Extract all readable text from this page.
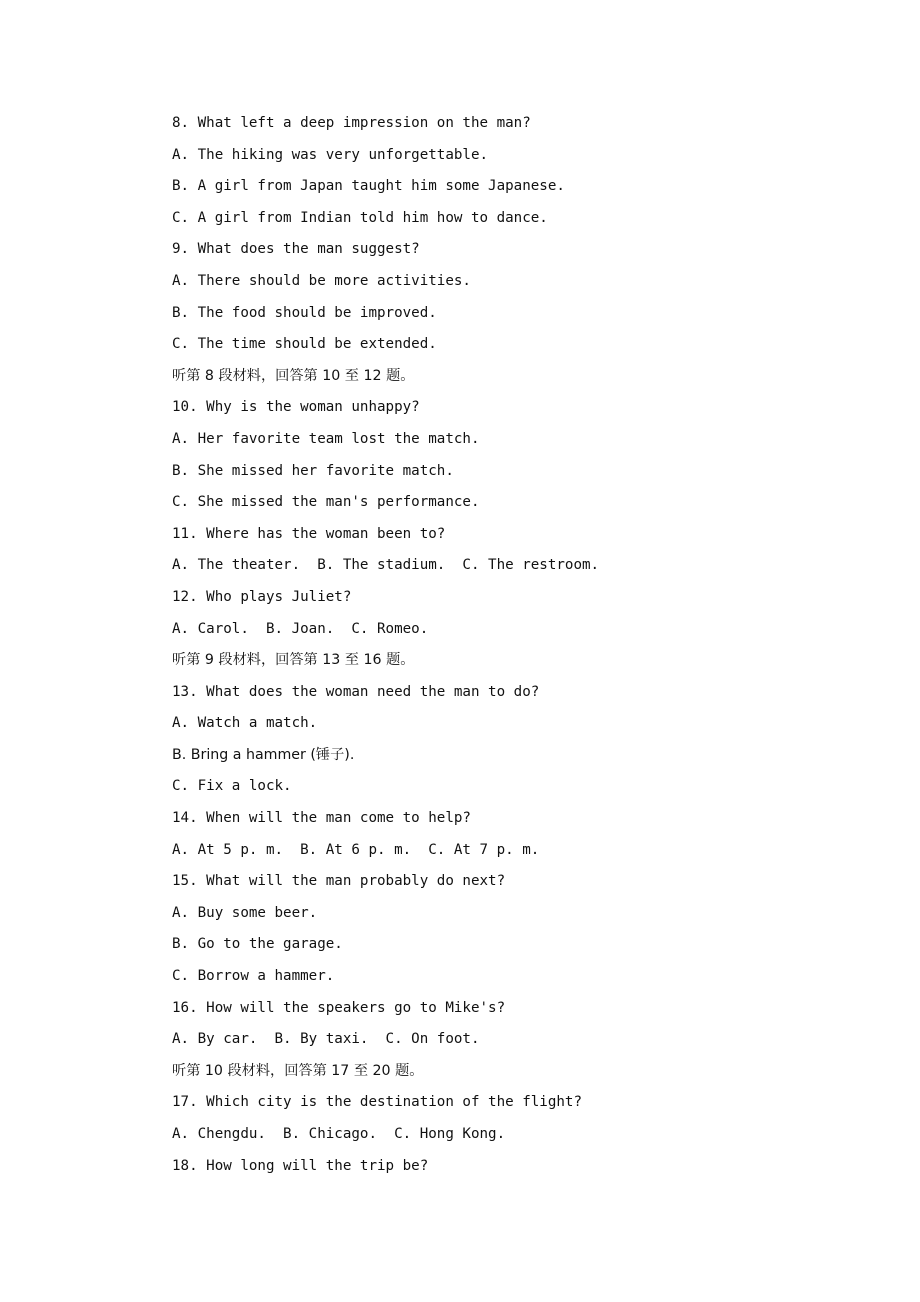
8. What left a deep impression on the man?
A. The hiking was very unforgettable.
B. A girl from Japan taught him some Japanese.
C. A girl from Indian told him how to dance.
9. What does the man suggest?
A. There should be more activities.
B. The food should be improved.
C. The time should be extended.
听第 8 段材料，回答第 10 至 12 题。
10. Why is the woman unhappy?
A. Her favorite team lost the match.
B. She missed her favorite match.
C. She missed the man's performance.
11. Where has the woman been to?
A. The theater.  B. The stadium.  C. The restroom.
12. Who plays Juliet?
A. Carol.  B. Joan.  C. Romeo.
听第 9 段材料，回答第 13 至 16 题。
13. What does the woman need the man to do?
A. Watch a match.
B. Bring a hammer (锤子).
C. Fix a lock.
14. When will the man come to help?
A. At 5 p. m.  B. At 6 p. m.  C. At 7 p. m.
15. What will the man probably do next?
A. Buy some beer.
B. Go to the garage.
C. Borrow a hammer.
16. How will the speakers go to Mike's?
A. By car.  B. By taxi.  C. On foot.
听第 10 段材料，回答第 17 至 20 题。
17. Which city is the destination of the flight?
A. Chengdu.  B. Chicago.  C. Hong Kong.
18. How long will the trip be?
